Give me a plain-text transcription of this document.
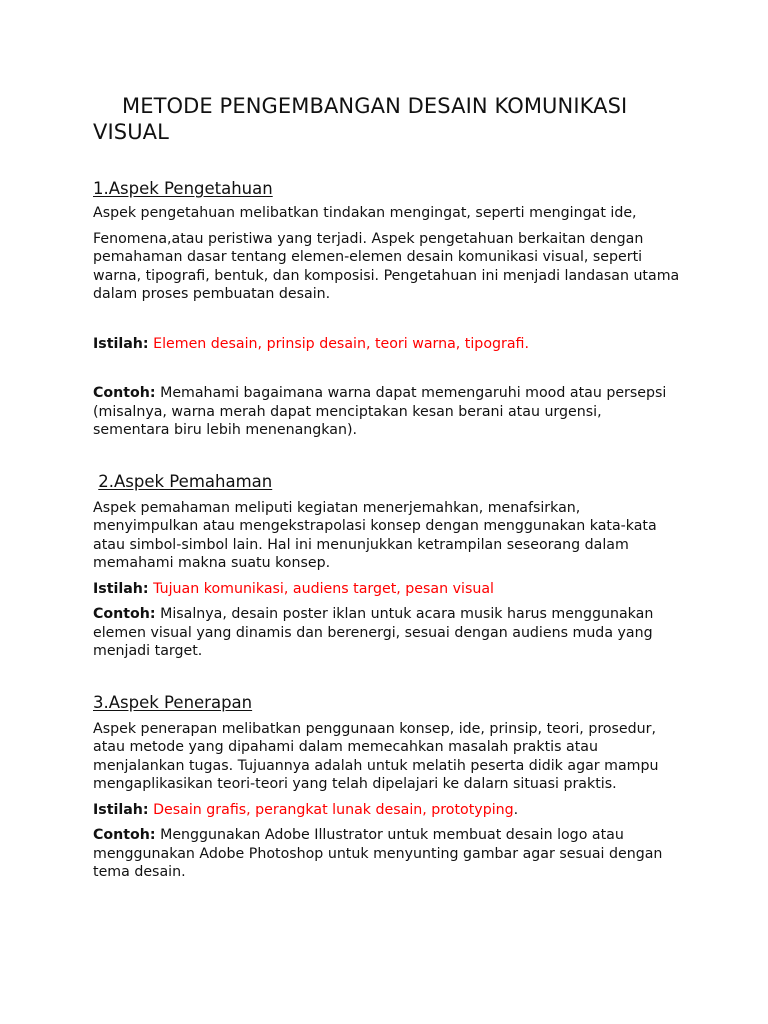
METODE PENGEMBANGAN DESAIN KOMUNIKASI VISUAL
1.Aspek Pengetahuan

Aspek pengetahuan melibatkan tindakan mengingat, seperti mengingat ide,

Fenomena,atau peristiwa yang terjadi. Aspek pengetahuan berkaitan dengan pemahaman dasar tentang elemen-elemen desain komunikasi visual, seperti warna, tipografi, bentuk, dan komposisi. Pengetahuan ini menjadi landasan utama dalam proses pembuatan desain.

Istilah: Elemen desain, prinsip desain, teori warna, tipografi.

Contoh: Memahami bagaimana warna dapat memengaruhi mood atau persepsi (misalnya, warna merah dapat menciptakan kesan berani atau urgensi, sementara biru lebih menenangkan).

2.Aspek Pemahaman

Aspek pemahaman meliputi kegiatan menerjemahkan, menafsirkan, menyimpulkan atau mengekstrapolasi konsep dengan menggunakan kata-kata atau simbol-simbol lain. Hal ini menunjukkan ketrampilan seseorang dalam memahami makna suatu konsep.

Istilah: Tujuan komunikasi, audiens target, pesan visual

Contoh: Misalnya, desain poster iklan untuk acara musik harus menggunakan elemen visual yang dinamis dan berenergi, sesuai dengan audiens muda yang menjadi target.

3.Aspek Penerapan

Aspek penerapan melibatkan penggunaan konsep, ide, prinsip, teori, prosedur, atau metode yang dipahami dalam memecahkan masalah praktis atau menjalankan tugas. Tujuannya adalah untuk melatih peserta didik agar mampu mengaplikasikan teori-teori yang telah dipelajari ke dalarn situasi praktis.

Istilah: Desain grafis, perangkat lunak desain, prototyping.

Contoh: Menggunakan Adobe Illustrator untuk membuat desain logo atau menggunakan Adobe Photoshop untuk menyunting gambar agar sesuai dengan tema desain.
